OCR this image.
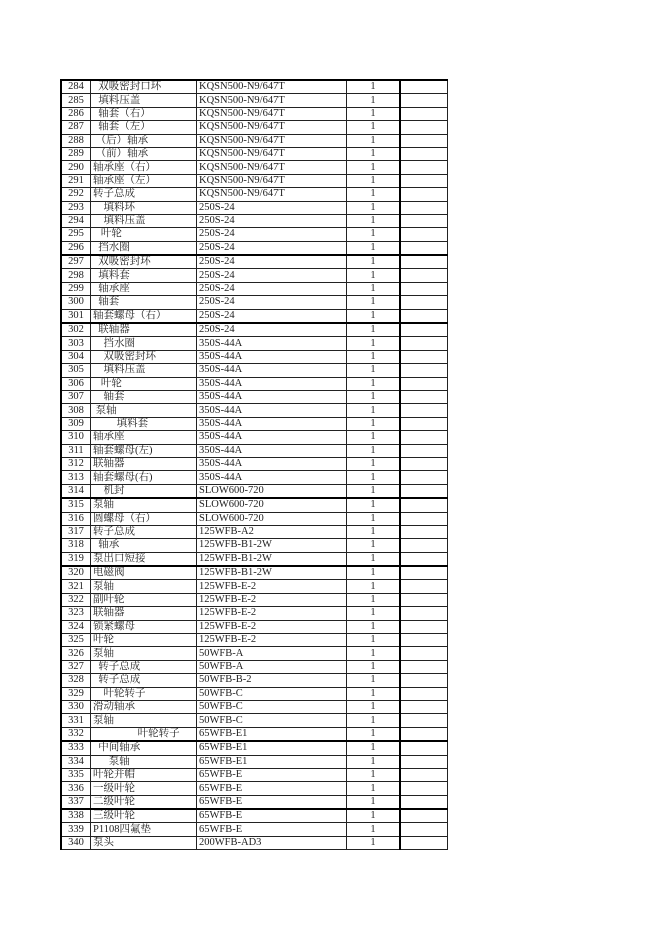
284	双吸密封口环	KQSN500-N9/647T	1	
285	填料压盖	KQSN500-N9/647T	1	
286	轴套（右）	KQSN500-N9/647T	1	
287	轴套（左）	KQSN500-N9/647T	1	
288	（后）轴承	KQSN500-N9/647T	1	
289	（前）轴承	KQSN500-N9/647T	1	
290	轴承座（右）	KQSN500-N9/647T	1	
291	轴承座（左）	KQSN500-N9/647T	1	
292	转子总成	KQSN500-N9/647T	1	
293	填料环	250S-24	1	
294	填料压盖	250S-24	1	
295	叶轮	250S-24	1	
296	挡水圈	250S-24	1	
297	双吸密封环	250S-24	1	
298	填料套	250S-24	1	
299	轴承座	250S-24	1	
300	轴套	250S-24	1	
301	轴套螺母（右）	250S-24	1	
302	联轴器	250S-24	1	
303	挡水圈	350S-44A	1	
304	双吸密封环	350S-44A	1	
305	填料压盖	350S-44A	1	
306	叶轮	350S-44A	1	
307	轴套	350S-44A	1	
308	泵轴	350S-44A	1	
309	填料套	350S-44A	1	
310	轴承座	350S-44A	1	
311	轴套螺母(左)	350S-44A	1	
312	联轴器	350S-44A	1	
313	轴套螺母(右)	350S-44A	1	
314	机封	SLOW600-720	1	
315	泵轴	SLOW600-720	1	
316	圆螺母（右）	SLOW600-720	1	
317	转子总成	125WFB-A2	1	
318	轴承	125WFB-B1-2W	1	
319	泵出口短接	125WFB-B1-2W	1	
320	电磁阀	125WFB-B1-2W	1	
321	泵轴	125WFB-E-2	1	
322	副叶轮	125WFB-E-2	1	
323	联轴器	125WFB-E-2	1	
324	锁紧螺母	125WFB-E-2	1	
325	叶轮	125WFB-E-2	1	
326	泵轴	50WFB-A	1	
327	转子总成	50WFB-A	1	
328	转子总成	50WFB-B-2	1	
329	叶轮转子	50WFB-C	1	
330	滑动轴承	50WFB-C	1	
331	泵轴	50WFB-C	1	
332	叶轮转子	65WFB-E1	1	
333	中间轴承	65WFB-E1	1	
334	泵轴	65WFB-E1	1	
335	叶轮并帽	65WFB-E	1	
336	一级叶轮	65WFB-E	1	
337	二级叶轮	65WFB-E	1	
338	三级叶轮	65WFB-E	1	
339	P1108四氟垫	65WFB-E	1	
340	泵头	200WFB-AD3	1	
